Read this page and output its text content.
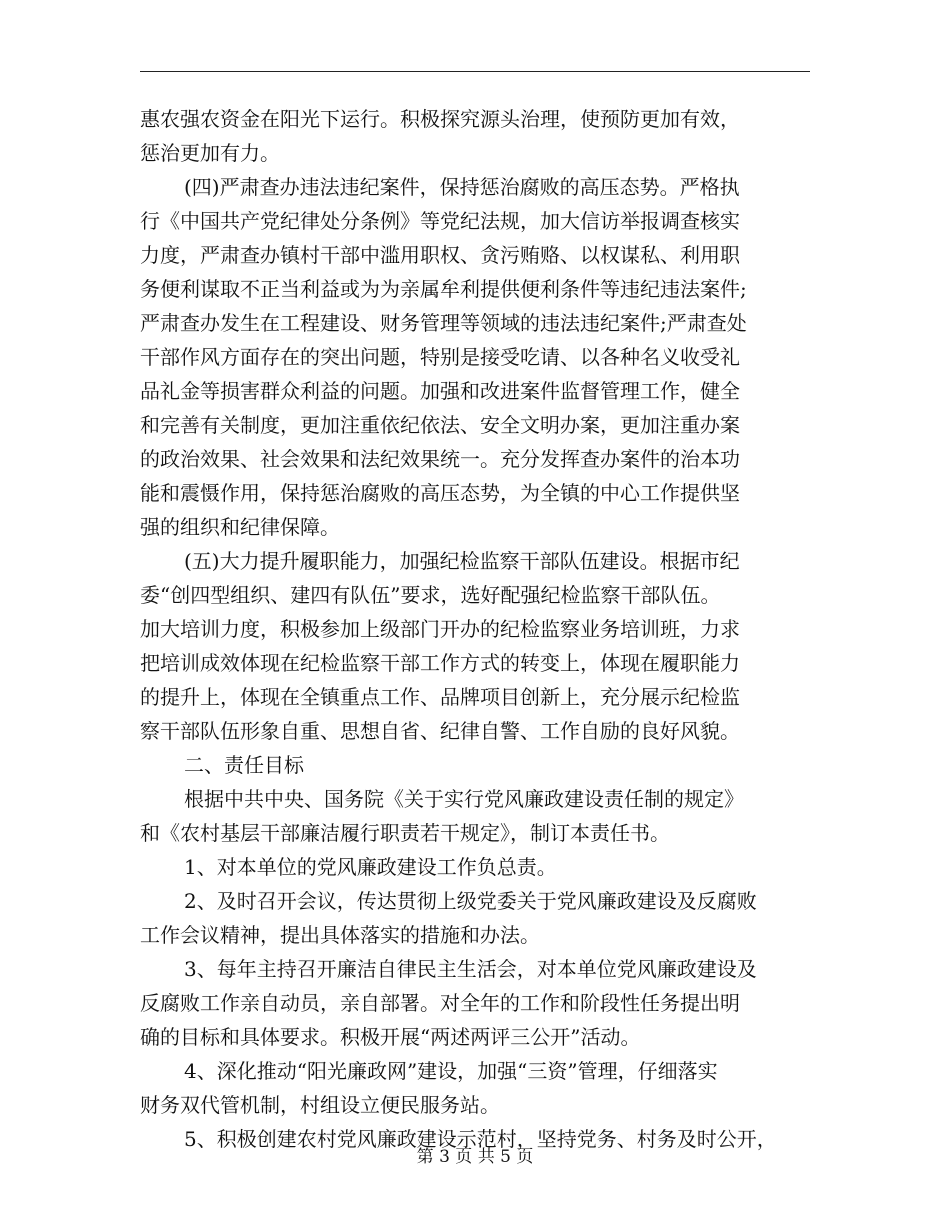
惠农强农资金在阳光下运行。积极探究源头治理，使预防更加有效，
惩治更加有力。
(四)严肃查办违法违纪案件，保持惩治腐败的高压态势。严格执
行《中国共产党纪律处分条例》等党纪法规，加大信访举报调查核实
力度，严肃查办镇村干部中滥用职权、贪污贿赂、以权谋私、利用职
务便利谋取不正当利益或为为亲属牟利提供便利条件等违纪违法案件;
严肃查办发生在工程建设、财务管理等领域的违法违纪案件;严肃查处
干部作风方面存在的突出问题，特别是接受吃请、以各种名义收受礼
品礼金等损害群众利益的问题。加强和改进案件监督管理工作，健全
和完善有关制度，更加注重依纪依法、安全文明办案，更加注重办案
的政治效果、社会效果和法纪效果统一。充分发挥查办案件的治本功
能和震慑作用，保持惩治腐败的高压态势，为全镇的中心工作提供坚
强的组织和纪律保障。
(五)大力提升履职能力，加强纪检监察干部队伍建设。根据市纪
委“创四型组织、建四有队伍”要求，选好配强纪检监察干部队伍。
加大培训力度，积极参加上级部门开办的纪检监察业务培训班，力求
把培训成效体现在纪检监察干部工作方式的转变上，体现在履职能力
的提升上，体现在全镇重点工作、品牌项目创新上，充分展示纪检监
察干部队伍形象自重、思想自省、纪律自警、工作自励的良好风貌。
二、责任目标
根据中共中央、国务院《关于实行党风廉政建设责任制的规定》
和《农村基层干部廉洁履行职责若干规定》，制订本责任书。
1、对本单位的党风廉政建设工作负总责。
2、及时召开会议，传达贯彻上级党委关于党风廉政建设及反腐败
工作会议精神，提出具体落实的措施和办法。
3、每年主持召开廉洁自律民主生活会，对本单位党风廉政建设及
反腐败工作亲自动员，亲自部署。对全年的工作和阶段性任务提出明
确的目标和具体要求。积极开展“两述两评三公开”活动。
4、深化推动“阳光廉政网”建设，加强“三资”管理，仔细落实
财务双代管机制，村组设立便民服务站。
5、积极创建农村党风廉政建设示范村，坚持党务、村务及时公开，
第 3 页 共 5 页
